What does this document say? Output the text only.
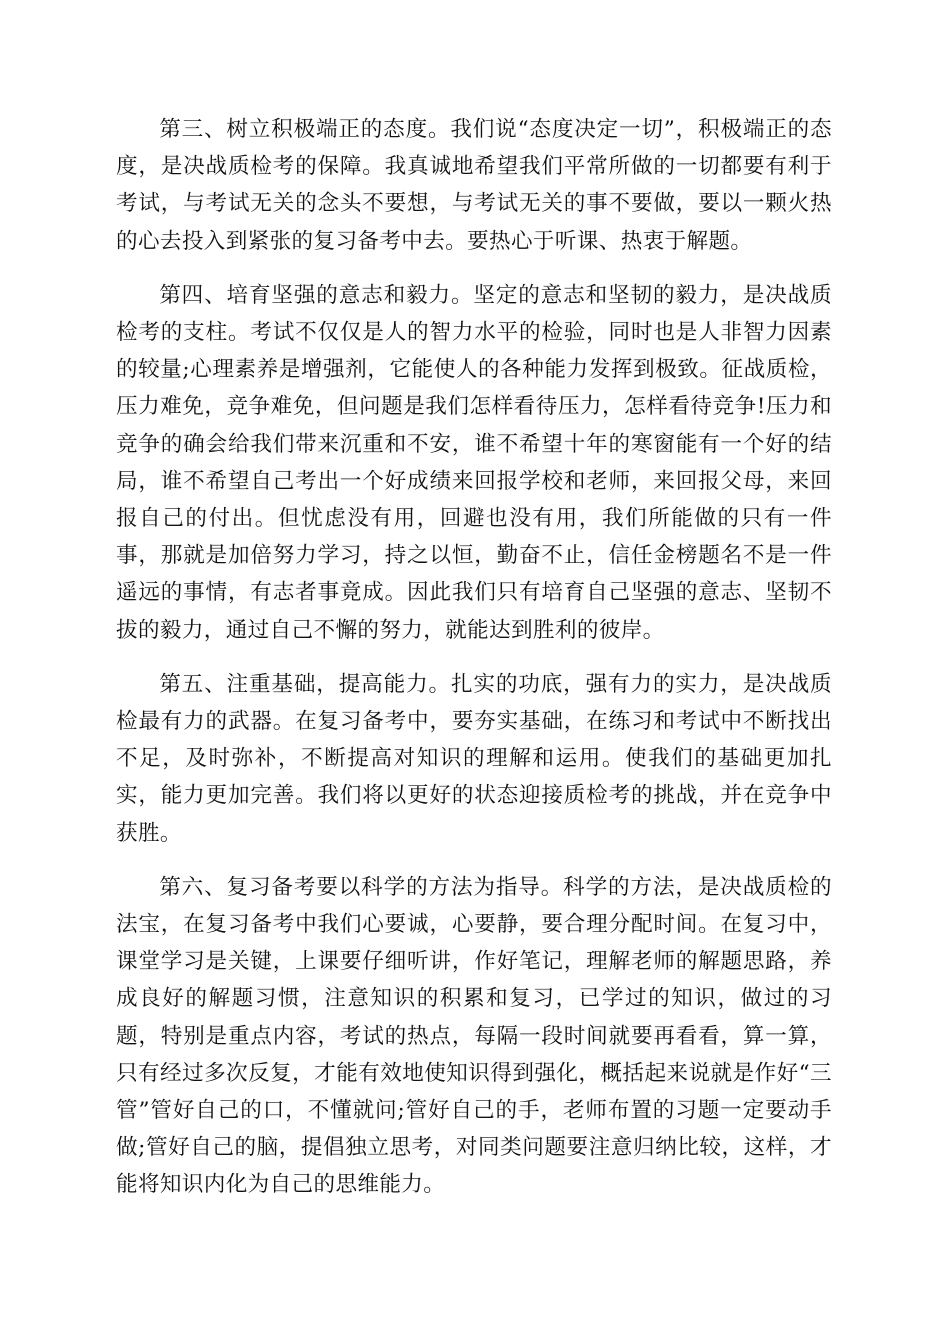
第三、树立积极端正的态度。我们说“态度决定一切”，积极端正的态度，是决战质检考的保障。我真诚地希望我们平常所做的一切都要有利于考试，与考试无关的念头不要想，与考试无关的事不要做，要以一颗火热的心去投入到紧张的复习备考中去。要热心于听课、热衷于解题。

第四、培育坚强的意志和毅力。坚定的意志和坚韧的毅力，是决战质检考的支柱。考试不仅仅是人的智力水平的检验，同时也是人非智力因素的较量;心理素养是增强剂，它能使人的各种能力发挥到极致。征战质检，压力难免，竞争难免，但问题是我们怎样看待压力，怎样看待竞争!压力和竞争的确会给我们带来沉重和不安，谁不希望十年的寒窗能有一个好的结局，谁不希望自己考出一个好成绩来回报学校和老师，来回报父母，来回报自己的付出。但忧虑没有用，回避也没有用，我们所能做的只有一件事，那就是加倍努力学习，持之以恒，勤奋不止，信任金榜题名不是一件遥远的事情，有志者事竟成。因此我们只有培育自己坚强的意志、坚韧不拔的毅力，通过自己不懈的努力，就能达到胜利的彼岸。

第五、注重基础，提高能力。扎实的功底，强有力的实力，是决战质检最有力的武器。在复习备考中，要夯实基础，在练习和考试中不断找出不足，及时弥补，不断提高对知识的理解和运用。使我们的基础更加扎实，能力更加完善。我们将以更好的状态迎接质检考的挑战，并在竞争中获胜。

第六、复习备考要以科学的方法为指导。科学的方法，是决战质检的法宝，在复习备考中我们心要诚，心要静，要合理分配时间。在复习中，课堂学习是关键，上课要仔细听讲，作好笔记，理解老师的解题思路，养成良好的解题习惯，注意知识的积累和复习，已学过的知识，做过的习题，特别是重点内容，考试的热点，每隔一段时间就要再看看，算一算，只有经过多次反复，才能有效地使知识得到强化，概括起来说就是作好“三管”管好自己的口，不懂就问;管好自己的手，老师布置的习题一定要动手做;管好自己的脑，提倡独立思考，对同类问题要注意归纳比较，这样，才能将知识内化为自己的思维能力。
